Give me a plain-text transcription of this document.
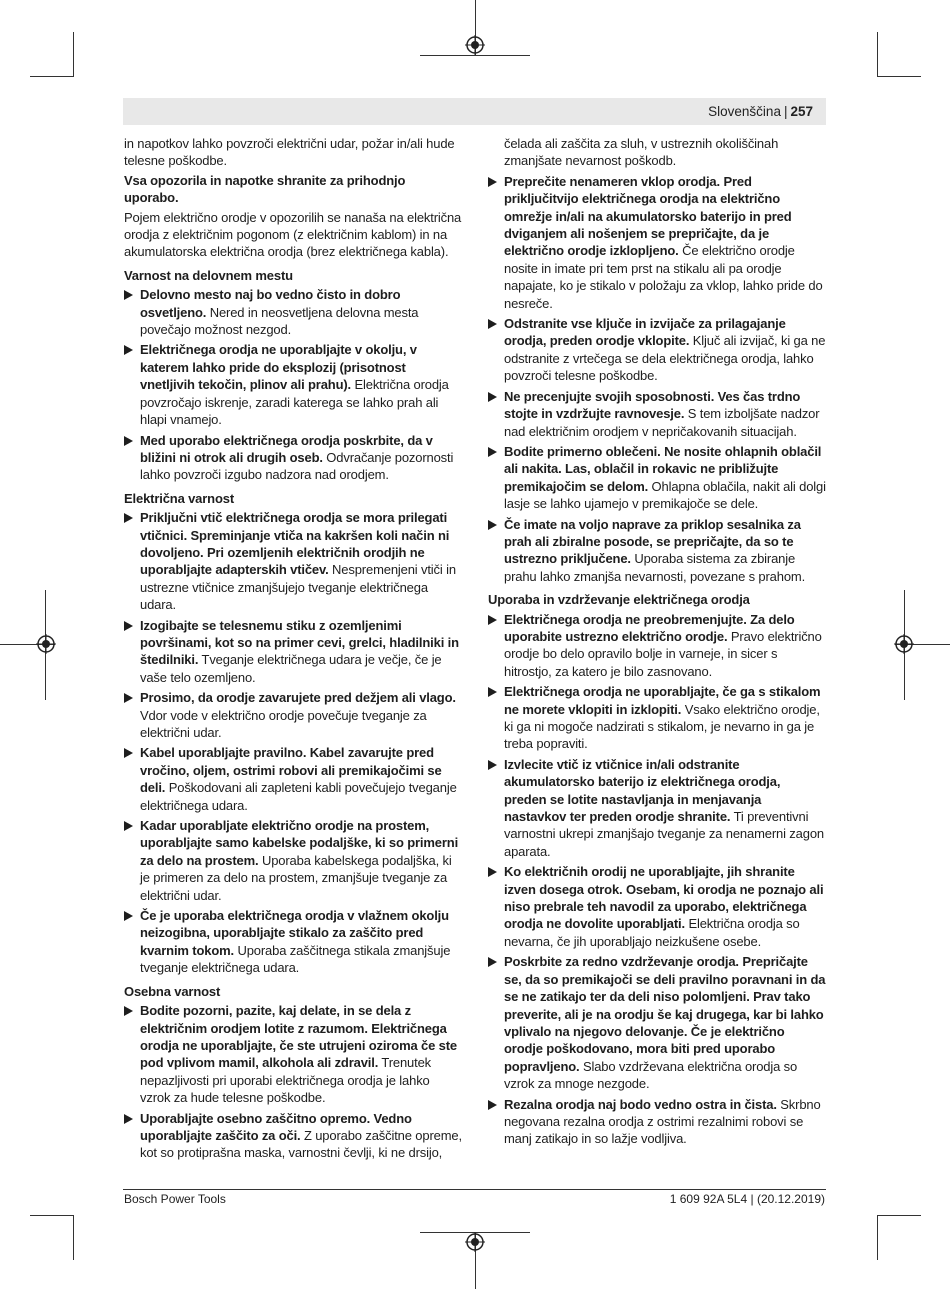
Slovenščina | 257

in napotkov lahko povzroči električni udar, požar in/ali hude telesne poškodbe.

Vsa opozorila in napotke shranite za prihodnjo uporabo.

Pojem električno orodje v opozorilih se nanaša na električna orodja z električnim pogonom (z električnim kablom) in na akumulatorska električna orodja (brez električnega kabla).

Varnost na delovnem mestu
Delovno mesto naj bo vedno čisto in dobro osvetljeno. Nered in neosvetljena delovna mesta povečajo možnost nezgod.
Električnega orodja ne uporabljajte v okolju, v katerem lahko pride do eksplozij (prisotnost vnetljivih tekočin, plinov ali prahu). Električna orodja povzročajo iskrenje, zaradi katerega se lahko prah ali hlapi vnamejo.
Med uporabo električnega orodja poskrbite, da v bližini ni otrok ali drugih oseb. Odvračanje pozornosti lahko povzroči izgubo nadzora nad orodjem.
Električna varnost
Priključni vtič električnega orodja se mora prilegati vtičnici. Spreminjanje vtiča na kakršen koli način ni dovoljeno. Pri ozemljenih električnih orodjih ne uporabljajte adapterskih vtičev. Nespremenjeni vtiči in ustrezne vtičnice zmanjšujejo tveganje električnega udara.
Izogibajte se telesnemu stiku z ozemljenimi površinami, kot so na primer cevi, grelci, hladilniki in štedilniki. Tveganje električnega udara je večje, če je vaše telo ozemljeno.
Prosimo, da orodje zavarujete pred dežjem ali vlago. Vdor vode v električno orodje povečuje tveganje za električni udar.
Kabel uporabljajte pravilno. Kabel zavarujte pred vročino, oljem, ostrimi robovi ali premikajočimi se deli. Poškodovani ali zapleteni kabli povečujejo tveganje električnega udara.
Kadar uporabljate električno orodje na prostem, uporabljajte samo kabelske podaljške, ki so primerni za delo na prostem. Uporaba kabelskega podaljška, ki je primeren za delo na prostem, zmanjšuje tveganje za električni udar.
Če je uporaba električnega orodja v vlažnem okolju neizogibna, uporabljajte stikalo za zaščito pred kvarnim tokom. Uporaba zaščitnega stikala zmanjšuje tveganje električnega udara.
Osebna varnost
Bodite pozorni, pazite, kaj delate, in se dela z električnim orodjem lotite z razumom. Električnega orodja ne uporabljajte, če ste utrujeni oziroma če ste pod vplivom mamil, alkohola ali zdravil. Trenutek nepazljivosti pri uporabi električnega orodja je lahko vzrok za hude telesne poškodbe.
Uporabljajte osebno zaščitno opremo. Vedno uporabljajte zaščito za oči. Z uporabo zaščitne opreme, kot so protiprašna maska, varnostni čevlji, ki ne drsijo,
čelada ali zaščita za sluh, v ustreznih okoliščinah zmanjšate nevarnost poškodb.
Preprečite nenameren vklop orodja. Pred priključitvijo električnega orodja na električno omrežje in/ali na akumulatorsko baterijo in pred dviganjem ali nošenjem se prepričajte, da je električno orodje izklopljeno. Če električno orodje nosite in imate pri tem prst na stikalu ali pa orodje napajate, ko je stikalo v položaju za vklop, lahko pride do nesreče.
Odstranite vse ključe in izvijače za prilagajanje orodja, preden orodje vklopite. Ključ ali izvijač, ki ga ne odstranite z vrtečega se dela električnega orodja, lahko povzroči telesne poškodbe.
Ne precenjujte svojih sposobnosti. Ves čas trdno stojte in vzdržujte ravnovesje. S tem izboljšate nadzor nad električnim orodjem v nepričakovanih situacijah.
Bodite primerno oblečeni. Ne nosite ohlapnih oblačil ali nakita. Las, oblačil in rokavic ne približujte premikajočim se delom. Ohlapna oblačila, nakit ali dolgi lasje se lahko ujamejo v premikajoče se dele.
Če imate na voljo naprave za priklop sesalnika za prah ali zbiralne posode, se prepričajte, da so te ustrezno priključene. Uporaba sistema za zbiranje prahu lahko zmanjša nevarnosti, povezane s prahom.
Uporaba in vzdrževanje električnega orodja
Električnega orodja ne preobremenjujte. Za delo uporabite ustrezno električno orodje. Pravo električno orodje bo delo opravilo bolje in varneje, in sicer s hitrostjo, za katero je bilo zasnovano.
Električnega orodja ne uporabljajte, če ga s stikalom ne morete vklopiti in izklopiti. Vsako električno orodje, ki ga ni mogoče nadzirati s stikalom, je nevarno in ga je treba popraviti.
Izvlecite vtič iz vtičnice in/ali odstranite akumulatorsko baterijo iz električnega orodja, preden se lotite nastavljanja in menjavanja nastavkov ter preden orodje shranite. Ti preventivni varnostni ukrepi zmanjšajo tveganje za nenamerni zagon aparata.
Ko električnih orodij ne uporabljajte, jih shranite izven dosega otrok. Osebam, ki orodja ne poznajo ali niso prebrale teh navodil za uporabo, električnega orodja ne dovolite uporabljati. Električna orodja so nevarna, če jih uporabljajo neizkušene osebe.
Poskrbite za redno vzdrževanje orodja. Prepričajte se, da so premikajoči se deli pravilno poravnani in da se ne zatikajo ter da deli niso polomljeni. Prav tako preverite, ali je na orodju še kaj drugega, kar bi lahko vplivalo na njegovo delovanje. Če je električno orodje poškodovano, mora biti pred uporabo popravljeno. Slabo vzdrževana električna orodja so vzrok za mnoge nezgode.
Rezalna orodja naj bodo vedno ostra in čista. Skrbno negovana rezalna orodja z ostrimi rezalnimi robovi se manj zatikajo in so lažje vodljiva.
Bosch Power Tools	1 609 92A 5L4 | (20.12.2019)
